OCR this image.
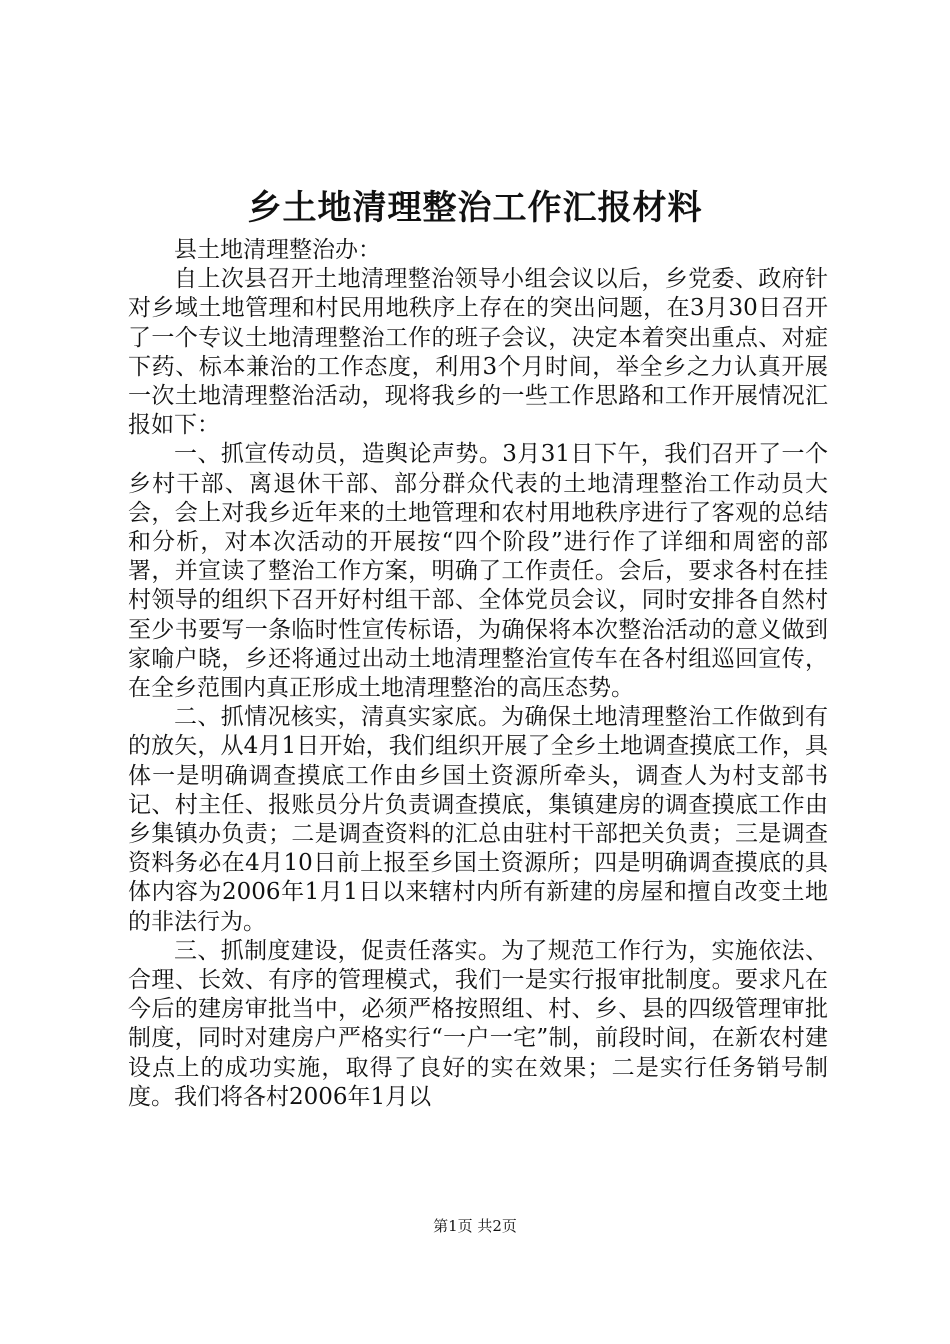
乡土地清理整治工作汇报材料

县土地清理整治办：

自上次县召开土地清理整治领导小组会议以后，乡党委、政府针对乡域土地管理和村民用地秩序上存在的突出问题，在3月30日召开了一个专议土地清理整治工作的班子会议，决定本着突出重点、对症下药、标本兼治的工作态度，利用3个月时间，举全乡之力认真开展一次土地清理整治活动，现将我乡的一些工作思路和工作开展情况汇报如下：

一、抓宣传动员，造舆论声势。3月31日下午，我们召开了一个乡村干部、离退休干部、部分群众代表的土地清理整治工作动员大会，会上对我乡近年来的土地管理和农村用地秩序进行了客观的总结和分析，对本次活动的开展按“四个阶段”进行作了详细和周密的部署，并宣读了整治工作方案，明确了工作责任。会后，要求各村在挂村领导的组织下召开好村组干部、全体党员会议，同时安排各自然村至少书要写一条临时性宣传标语，为确保将本次整治活动的意义做到家喻户晓，乡还将通过出动土地清理整治宣传车在各村组巡回宣传，在全乡范围内真正形成土地清理整治的高压态势。

二、抓情况核实，清真实家底。为确保土地清理整治工作做到有的放矢，从4月1日开始，我们组织开展了全乡土地调查摸底工作，具体一是明确调查摸底工作由乡国土资源所牵头，调查人为村支部书记、村主任、报账员分片负责调查摸底，集镇建房的调查摸底工作由乡集镇办负责；二是调查资料的汇总由驻村干部把关负责；三是调查资料务必在4月10日前上报至乡国土资源所；四是明确调查摸底的具体内容为2006年1月1日以来辖村内所有新建的房屋和擅自改变土地的非法行为。

三、抓制度建设，促责任落实。为了规范工作行为，实施依法、合理、长效、有序的管理模式，我们一是实行报审批制度。要求凡在今后的建房审批当中，必须严格按照组、村、乡、县的四级管理审批制度，同时对建房户严格实行“一户一宅”制，前段时间，在新农村建设点上的成功实施，取得了良好的实在效果；二是实行任务销号制度。我们将各村2006年1月以

第1页 共2页
